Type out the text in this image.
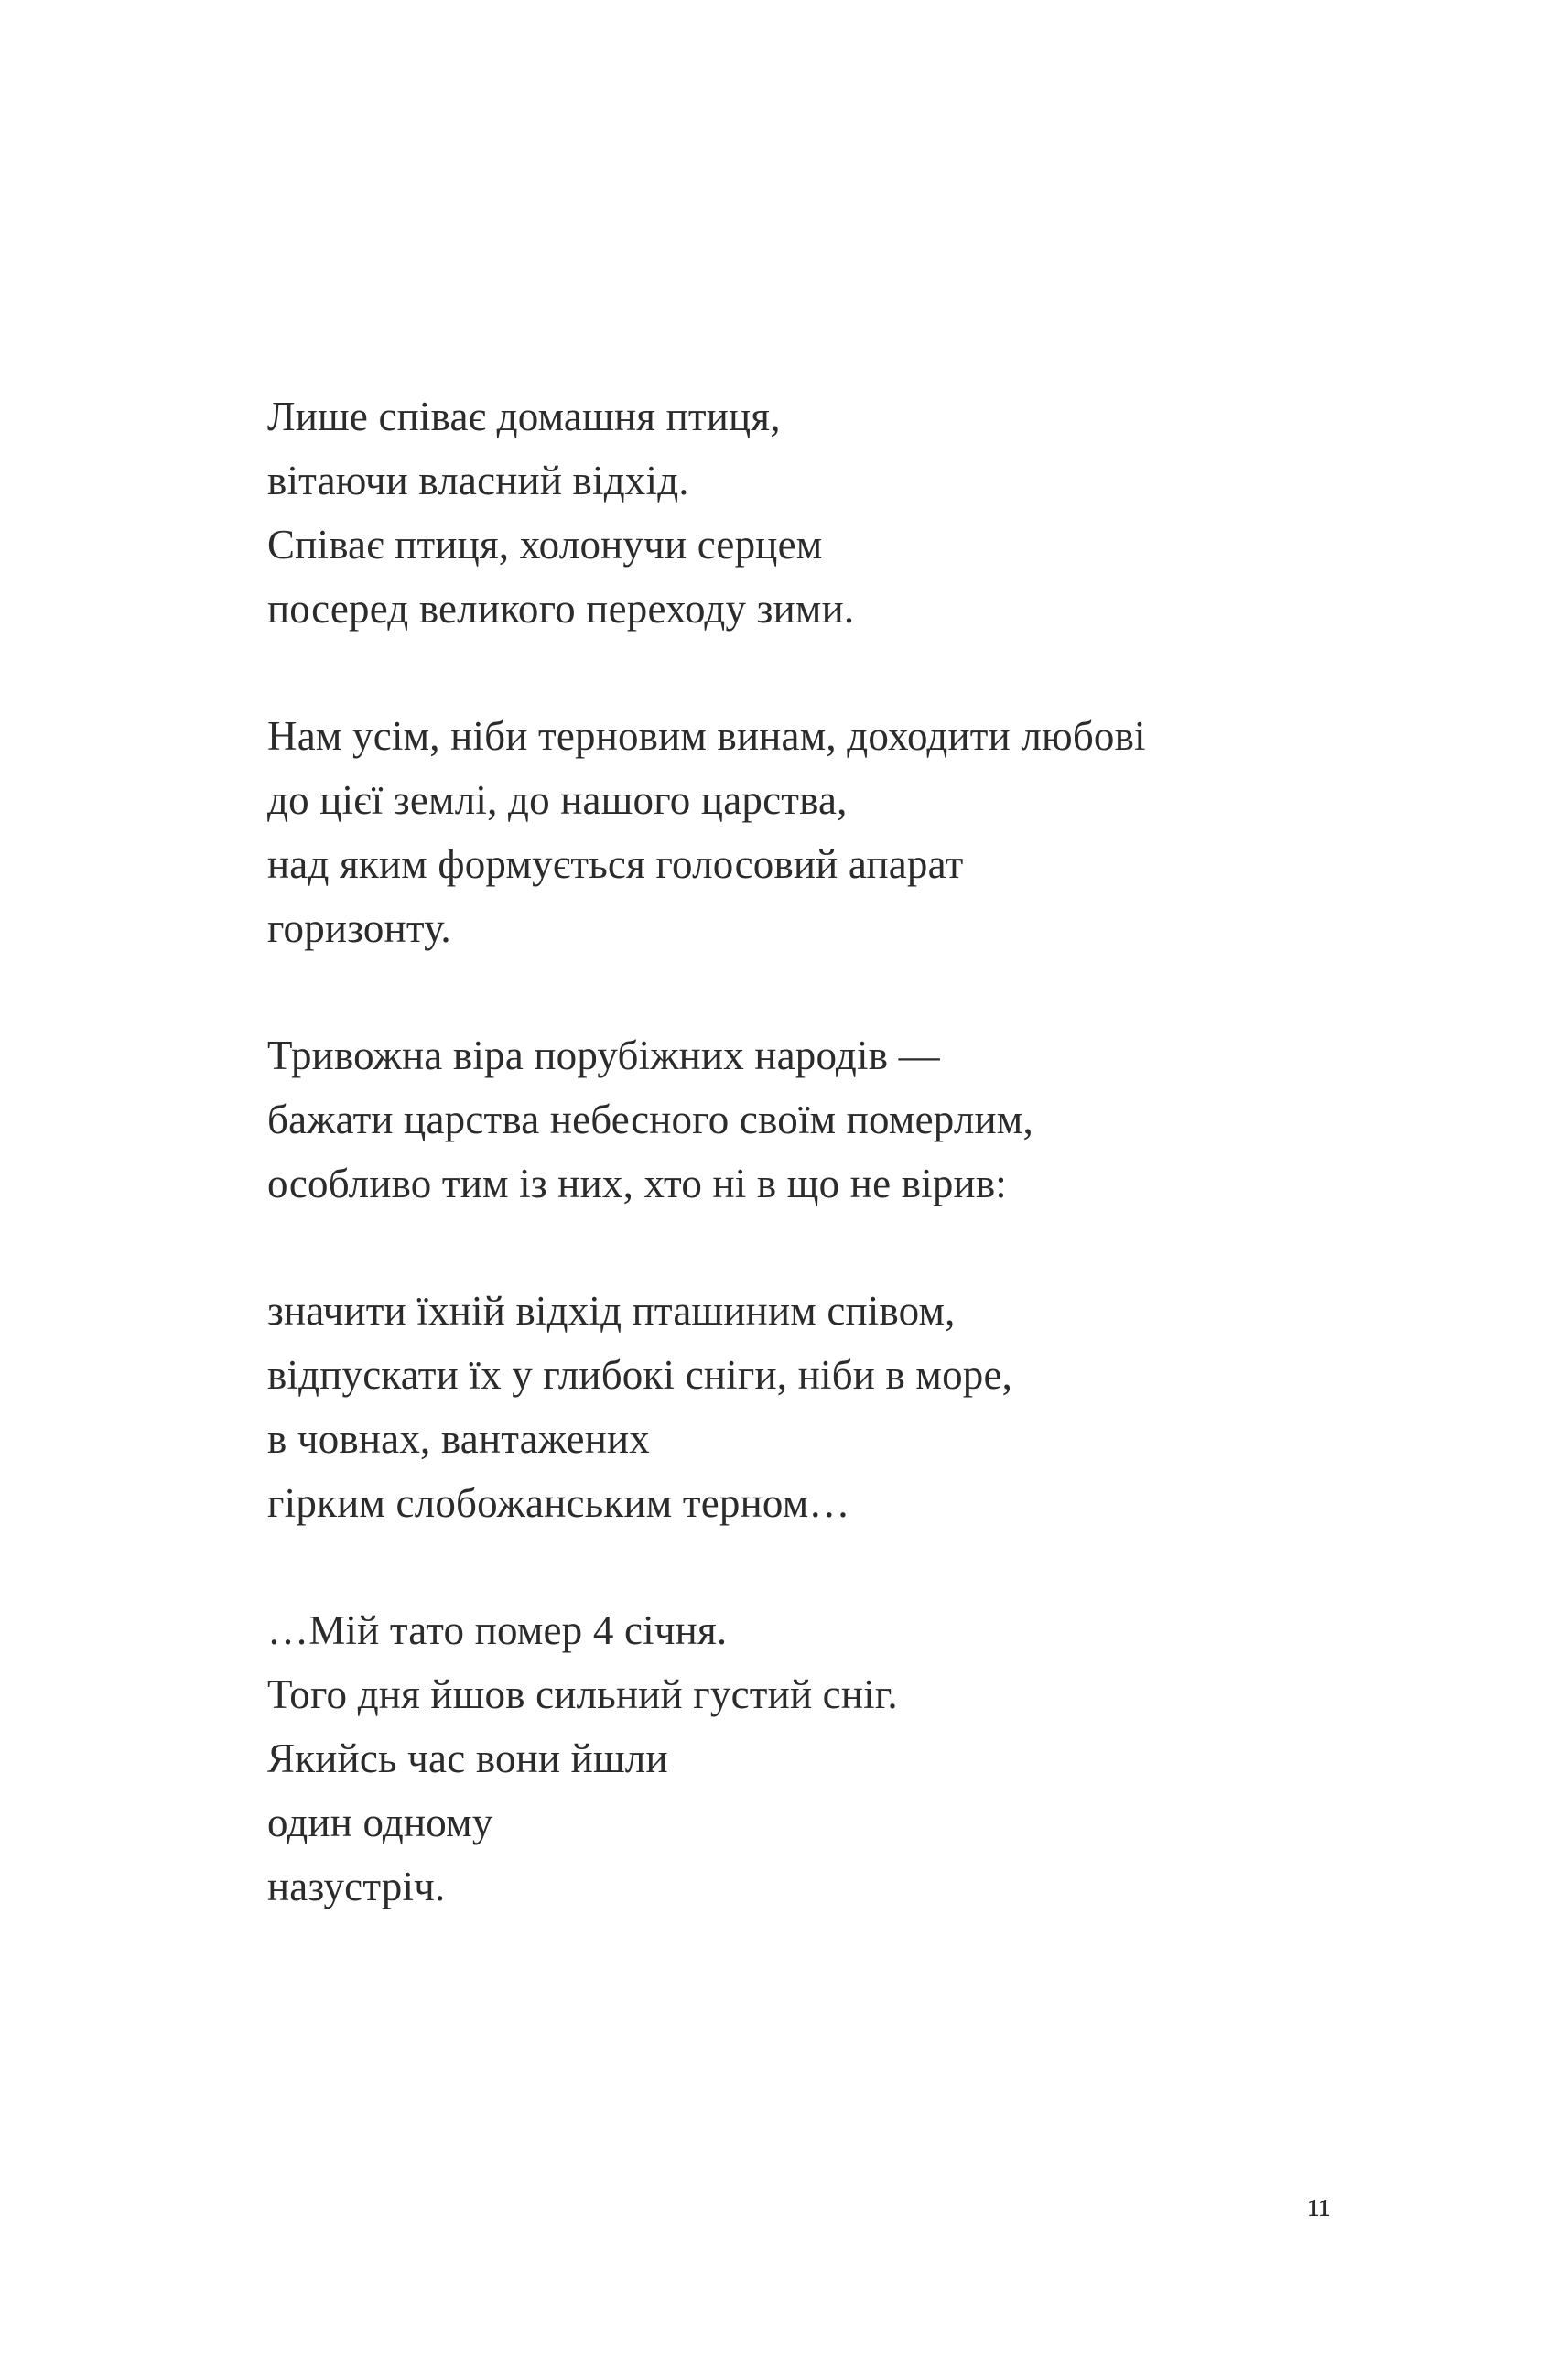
Лише співає домашня птиця,
вітаючи власний відхід.
Співає птиця, холонучи серцем
посеред великого переходу зими.
Нам усім, ніби терновим винам, доходити любові
до цієї землі, до нашого царства,
над яким формується голосовий апарат
горизонту.
Тривожна віра порубіжних народів —
бажати царства небесного своїм померлим,
особливо тим із них, хто ні в що не вірив:
значити їхній відхід пташиним співом,
відпускати їх у глибокі сніги, ніби в море,
в човнах, вантажених
гірким слобожанським терном…
…Мій тато помер 4 січня.
Того дня йшов сильний густий сніг.
Якийсь час вони йшли
один одному
назустріч.
11
